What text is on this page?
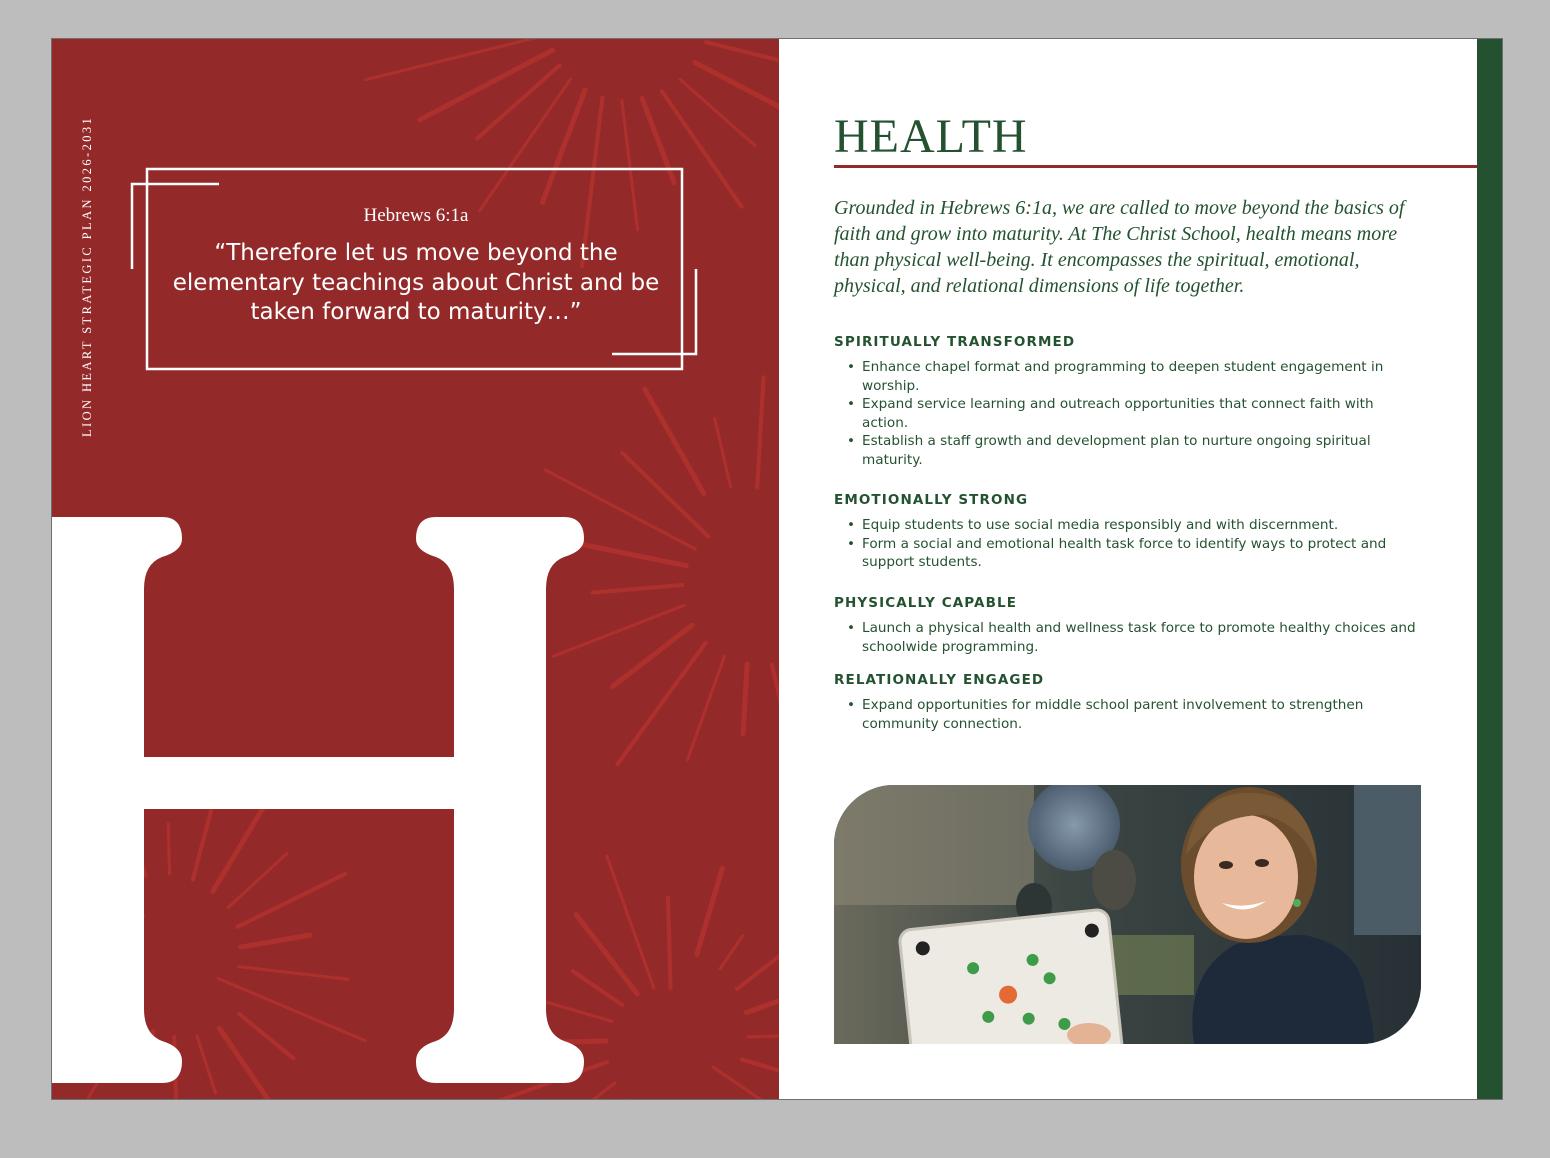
LION HEART STRATEGIC PLAN 2026-2031	Hebrews 6:1a
“Therefore let us move beyond the elementary teachings about Christ and be taken forward to maturity…”
HEALTH

Grounded in Hebrews 6:1a, we are called to move beyond the basics of faith and grow into maturity. At The Christ School, health means more than physical well-being. It encompasses the spiritual, emotional, physical, and relational dimensions of life together.

SPIRITUALLY TRANSFORMED
• Enhance chapel format and programming to deepen student engagement in worship.
• Expand service learning and outreach opportunities that connect faith with action.
• Establish a staff growth and development plan to nurture ongoing spiritual maturity.
EMOTIONALLY STRONG
• Equip students to use social media responsibly and with discernment.
• Form a social and emotional health task force to identify ways to protect and support students.
PHYSICALLY CAPABLE
• Launch a physical health and wellness task force to promote healthy choices and schoolwide programming.
RELATIONALLY ENGAGED
• Expand opportunities for middle school parent involvement to strengthen community connection.
